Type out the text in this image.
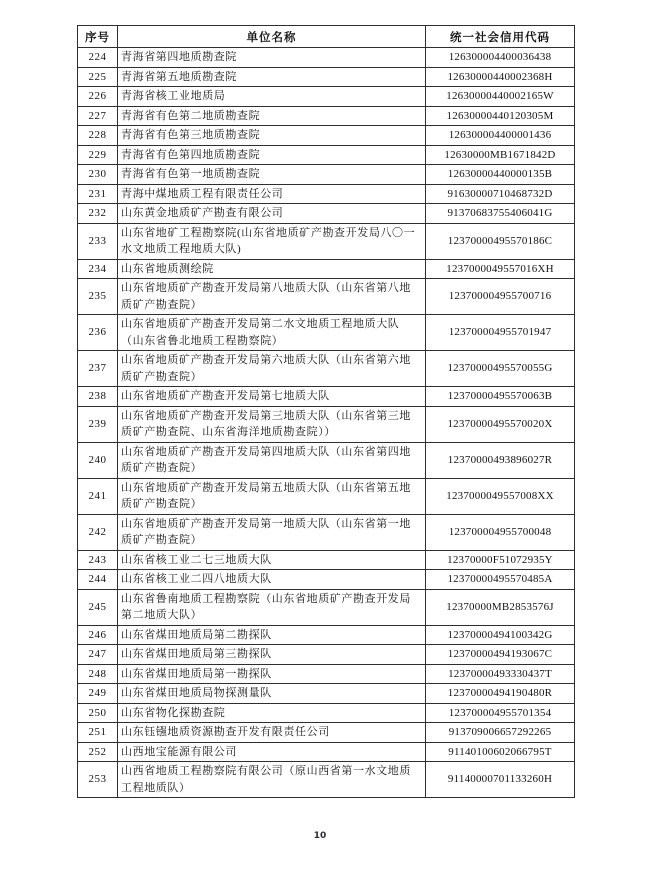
序号	单位名称	统一社会信用代码
224	青海省第四地质勘查院	126300004400036438
225	青海省第五地质勘查院	12630000440002368H
226	青海省核工业地质局	12630000440002165W
227	青海省有色第二地质勘查院	12630000440120305M
228	青海省有色第三地质勘查院	126300004400001436
229	青海省有色第四地质勘查院	12630000MB1671842D
230	青海省有色第一地质勘查院	12630000440000135B
231	青海中煤地质工程有限责任公司	91630000710468732D
232	山东黄金地质矿产勘查有限公司	91370683755406041G
233	山东省地矿工程勘察院(山东省地质矿产勘查开发局八〇一水文地质工程地质大队)	12370000495570186C
234	山东省地质测绘院	1237000049557016XH
235	山东省地质矿产勘查开发局第八地质大队（山东省第八地质矿产勘查院）	123700004955700716
236	山东省地质矿产勘查开发局第二水文地质工程地质大队（山东省鲁北地质工程勘察院）	123700004955701947
237	山东省地质矿产勘查开发局第六地质大队（山东省第六地质矿产勘查院）	12370000495570055G
238	山东省地质矿产勘查开发局第七地质大队	12370000495570063B
239	山东省地质矿产勘查开发局第三地质大队（山东省第三地质矿产勘查院、山东省海洋地质勘查院））	12370000495570020X
240	山东省地质矿产勘查开发局第四地质大队（山东省第四地质矿产勘查院）	12370000493896027R
241	山东省地质矿产勘查开发局第五地质大队（山东省第五地质矿产勘查院）	1237000049557008XX
242	山东省地质矿产勘查开发局第一地质大队（山东省第一地质矿产勘查院）	123700004955700048
243	山东省核工业二七三地质大队	12370000F51072935Y
244	山东省核工业二四八地质大队	12370000495570485A
245	山东省鲁南地质工程勘察院（山东省地质矿产勘查开发局第二地质大队）	12370000MB2853576J
246	山东省煤田地质局第二勘探队	12370000494100342G
247	山东省煤田地质局第三勘探队	12370000494193067C
248	山东省煤田地质局第一勘探队	12370000493330437T
249	山东省煤田地质局物探测量队	12370000494190480R
250	山东省物化探勘查院	123700004955701354
251	山东钰镪地质资源勘查开发有限责任公司	913709006657292265
252	山西地宝能源有限公司	91140100602066795T
253	山西省地质工程勘察院有限公司（原山西省第一水文地质工程地质队）	91140000701133260H
10
